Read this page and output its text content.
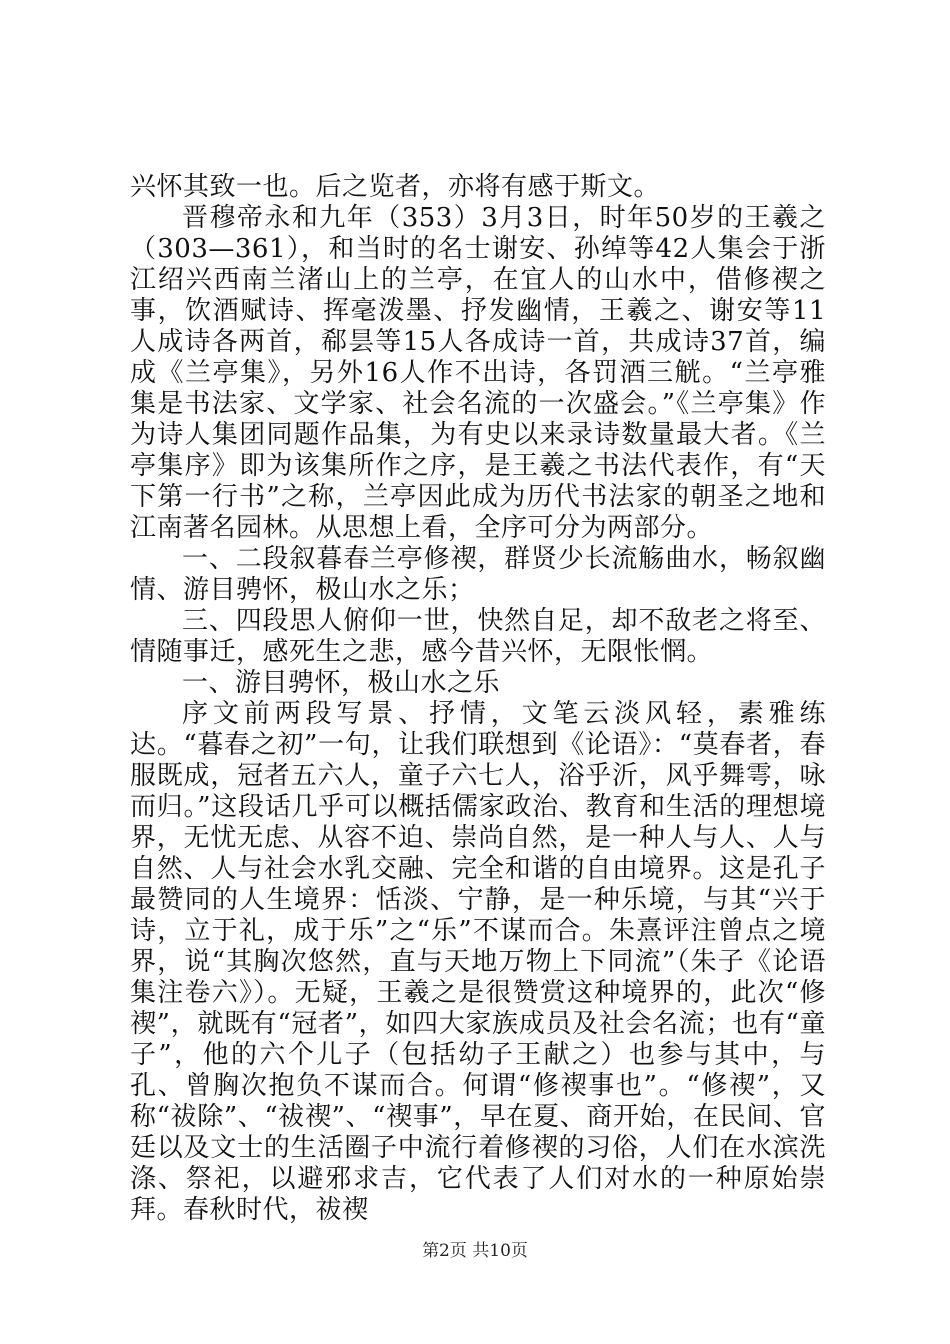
兴怀其致一也。后之览者，亦将有感于斯文。

晋穆帝永和九年（353）3月3日，时年50岁的王羲之（303—361），和当时的名士谢安、孙绰等42人集会于浙江绍兴西南兰渚山上的兰亭，在宜人的山水中，借修禊之事，饮酒赋诗、挥毫泼墨、抒发幽情，王羲之、谢安等11人成诗各两首，郗昙等15人各成诗一首，共成诗37首，编成《兰亭集》，另外16人作不出诗，各罚酒三觥。“兰亭雅集是书法家、文学家、社会名流的一次盛会。”《兰亭集》作为诗人集团同题作品集，为有史以来录诗数量最大者。《兰亭集序》即为该集所作之序，是王羲之书法代表作，有“天下第一行书”之称，兰亭因此成为历代书法家的朝圣之地和江南著名园林。从思想上看，全序可分为两部分。

一、二段叙暮春兰亭修禊，群贤少长流觞曲水，畅叙幽情、游目骋怀，极山水之乐；

三、四段思人俯仰一世，快然自足，却不敌老之将至、情随事迁，感死生之悲，感今昔兴怀，无限怅惘。

一、游目骋怀，极山水之乐

序文前两段写景、抒情，文笔云淡风轻，素雅练达。“暮春之初”一句，让我们联想到《论语》：“莫春者，春服既成，冠者五六人，童子六七人，浴乎沂，风乎舞雩，咏而归。”这段话几乎可以概括儒家政治、教育和生活的理想境界，无忧无虑、从容不迫、崇尚自然，是一种人与人、人与自然、人与社会水乳交融、完全和谐的自由境界。这是孔子最赞同的人生境界：恬淡、宁静，是一种乐境，与其“兴于诗，立于礼，成于乐”之“乐”不谋而合。朱熹评注曾点之境界，说“其胸次悠然，直与天地万物上下同流”（朱子《论语集注卷六》）。无疑，王羲之是很赞赏这种境界的，此次“修禊”，就既有“冠者”，如四大家族成员及社会名流；也有“童子”，他的六个儿子（包括幼子王献之）也参与其中，与孔、曾胸次抱负不谋而合。何谓“修禊事也”。“修禊”，又称“祓除”、“祓禊”、“禊事”，早在夏、商开始，在民间、官廷以及文士的生活圈子中流行着修禊的习俗，人们在水滨洗涤、祭祀，以避邪求吉，它代表了人们对水的一种原始崇拜。春秋时代，祓禊

第2页 共10页
